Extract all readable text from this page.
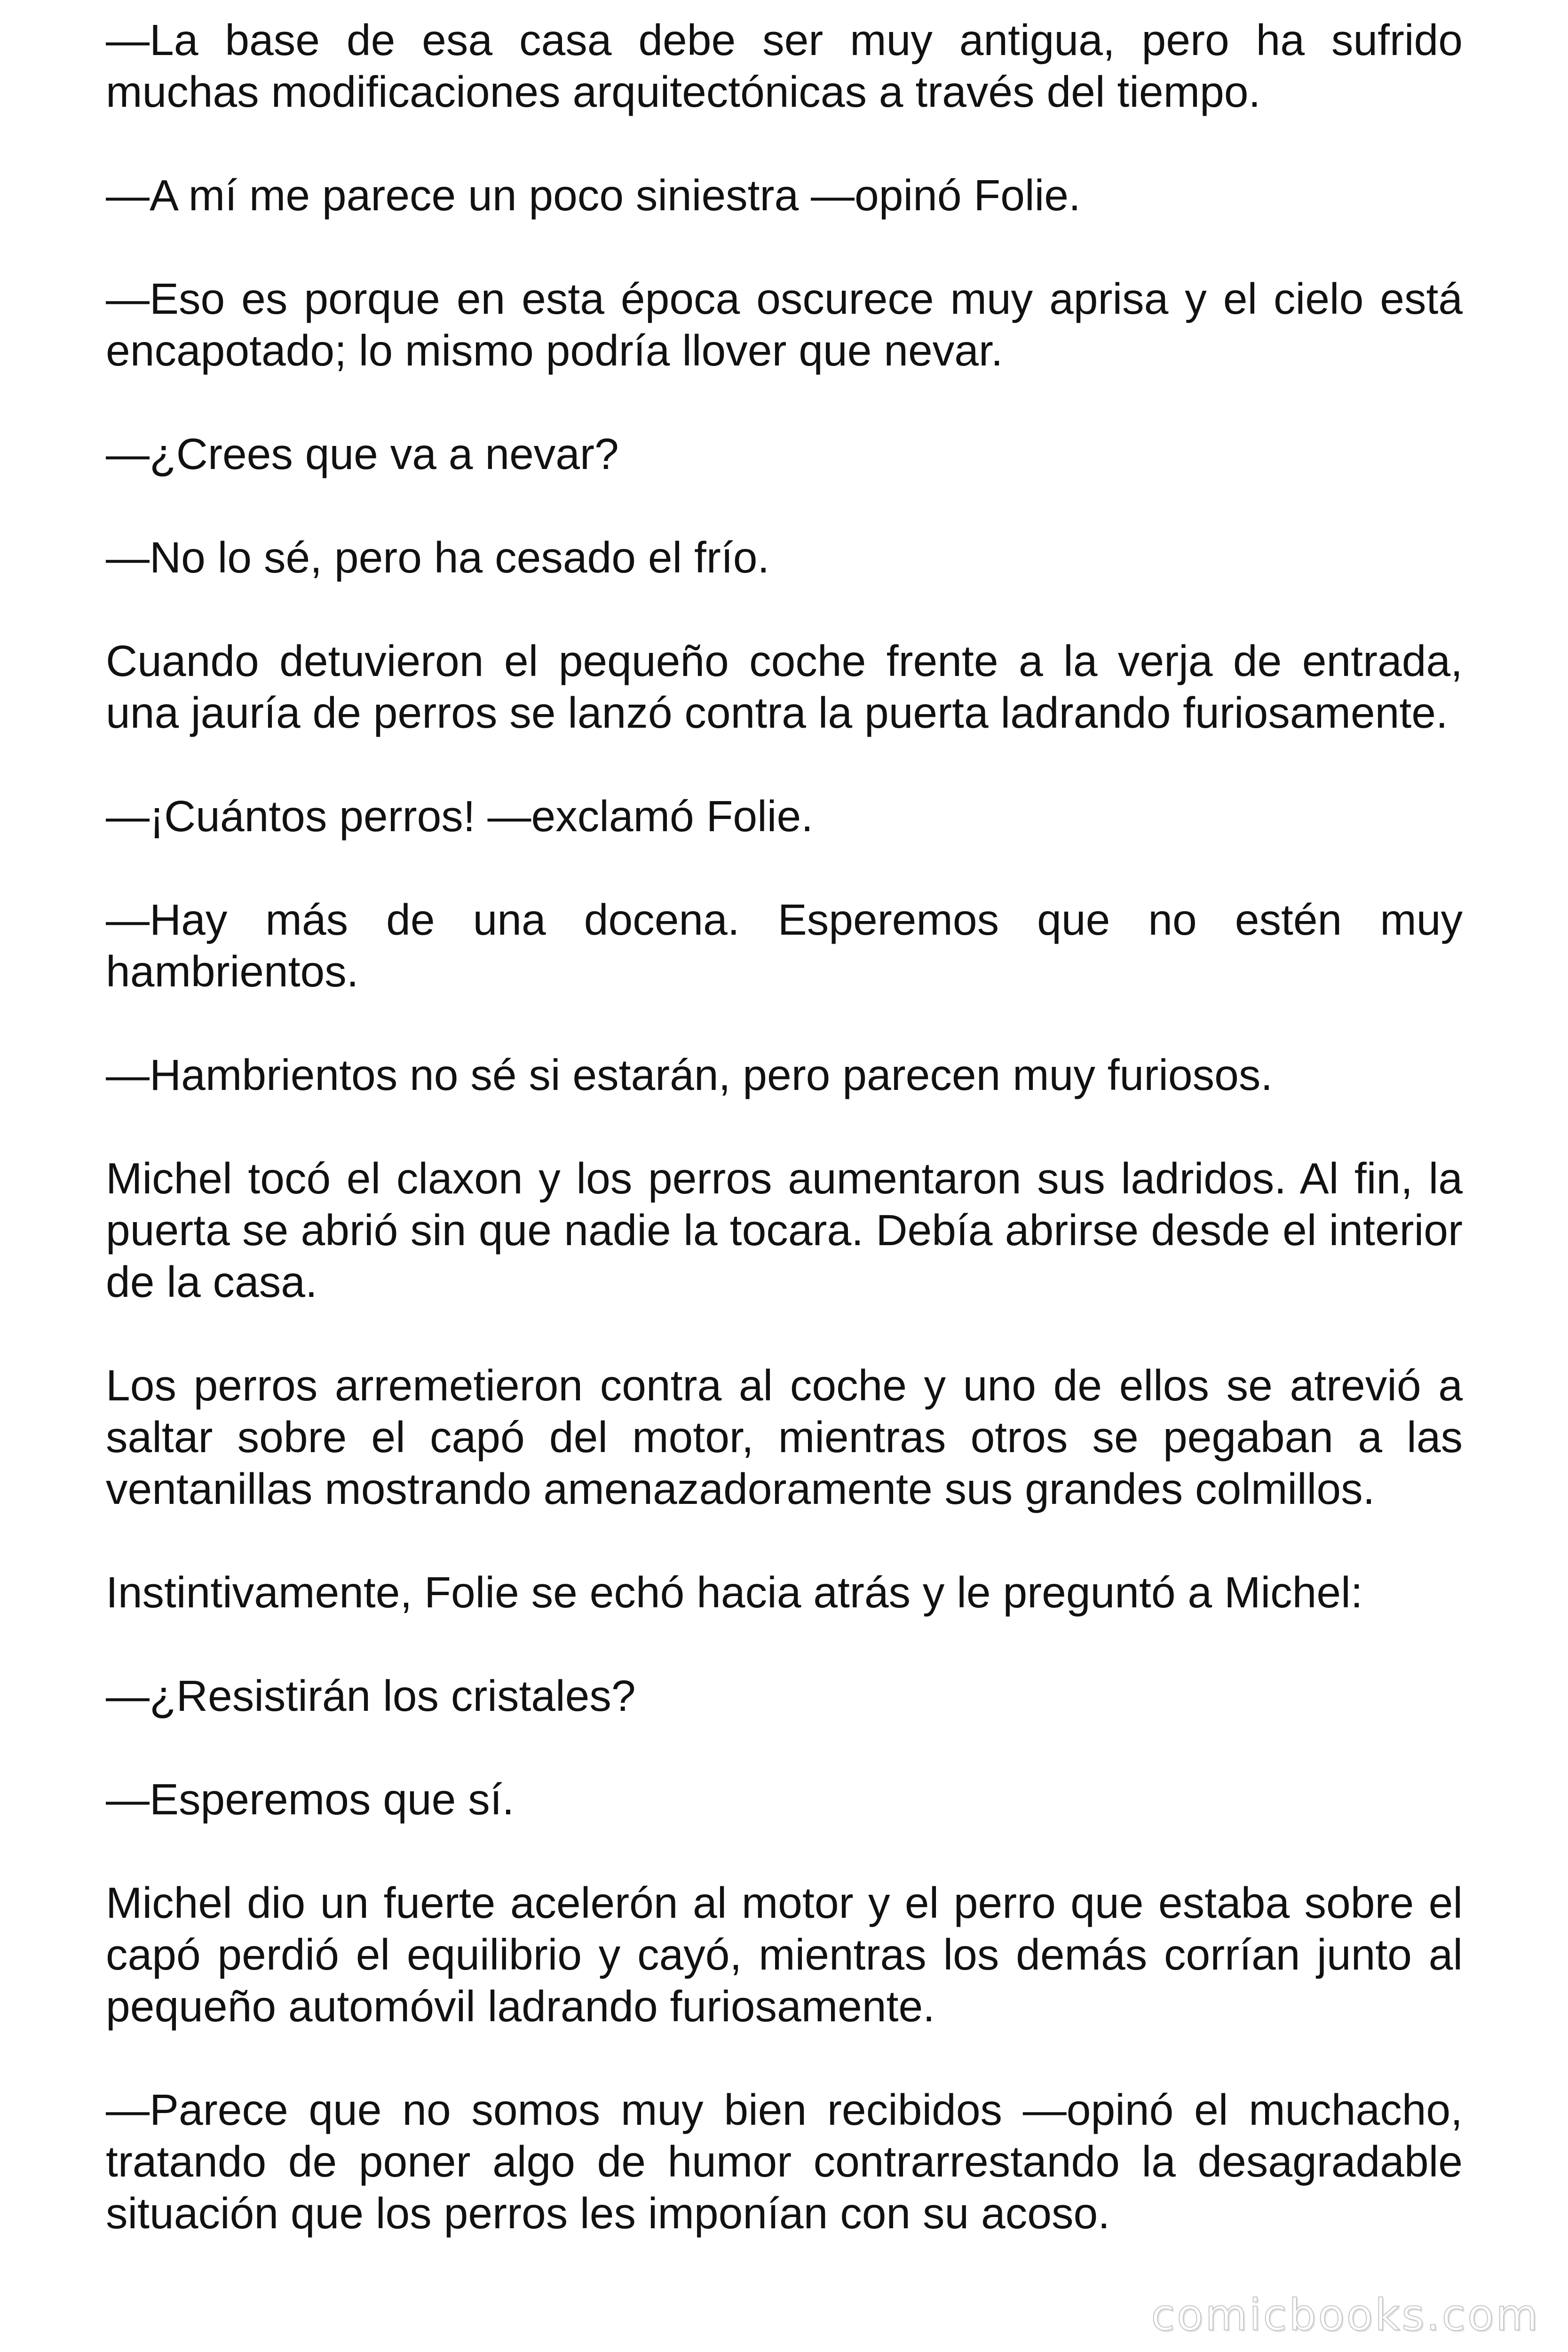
—La base de esa casa debe ser muy antigua, pero ha sufrido muchas modificaciones arquitectónicas a través del tiempo.

—A mí me parece un poco siniestra —opinó Folie.

—Eso es porque en esta época oscurece muy aprisa y el cielo está encapotado; lo mismo podría llover que nevar.

—¿Crees que va a nevar?

—No lo sé, pero ha cesado el frío.

Cuando detuvieron el pequeño coche frente a la verja de entrada, una jauría de perros se lanzó contra la puerta ladrando furiosamente.

—¡Cuántos perros! —exclamó Folie.

—Hay más de una docena. Esperemos que no estén muy hambrientos.

—Hambrientos no sé si estarán, pero parecen muy furiosos.

Michel tocó el claxon y los perros aumentaron sus ladridos. Al fin, la puerta se abrió sin que nadie la tocara. Debía abrirse desde el interior de la casa.

Los perros arremetieron contra al coche y uno de ellos se atrevió a saltar sobre el capó del motor, mientras otros se pegaban a las ventanillas mostrando amenazadoramente sus grandes colmillos.

Instintivamente, Folie se echó hacia atrás y le preguntó a Michel:

—¿Resistirán los cristales?

—Esperemos que sí.

Michel dio un fuerte acelerón al motor y el perro que estaba sobre el capó perdió el equilibrio y cayó, mientras los demás corrían junto al pequeño automóvil ladrando furiosamente.

—Parece que no somos muy bien recibidos —opinó el muchacho, tratando de poner algo de humor contrarrestando la desagradable situación que los perros les imponían con su acoso.

comicbooks.com
